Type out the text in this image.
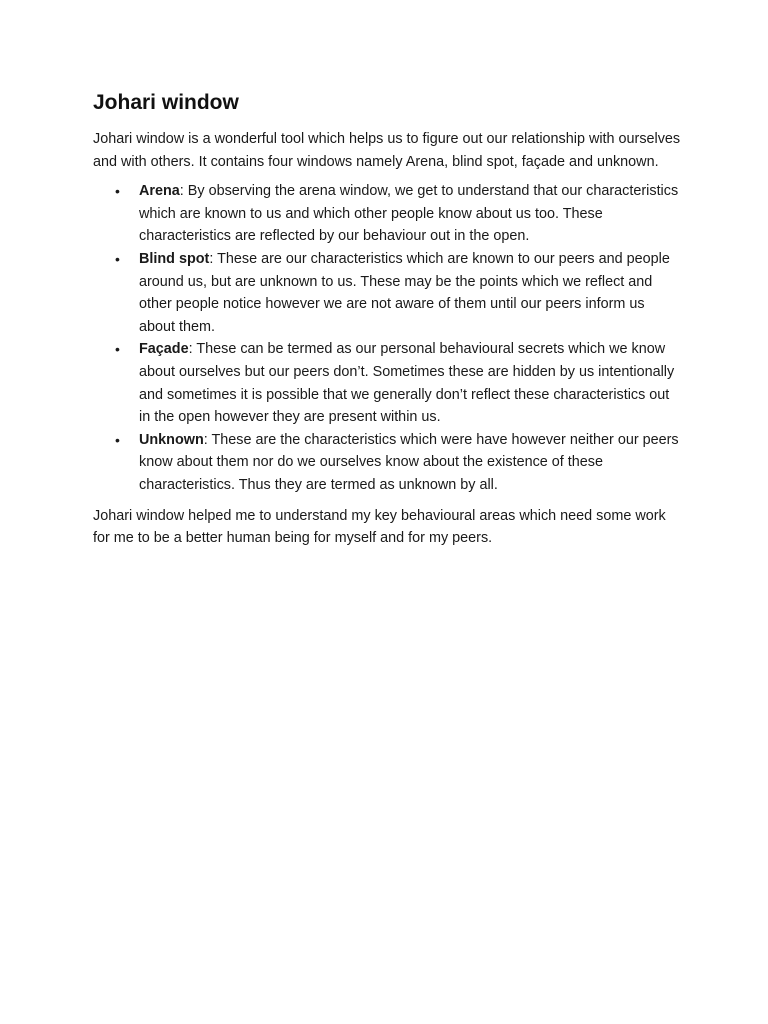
Johari window

Johari window is a wonderful tool which helps us to figure out our relationship with ourselves and with others. It contains four windows namely Arena, blind spot, façade and unknown.

• Arena: By observing the arena window, we get to understand that our characteristics which are known to us and which other people know about us too. These characteristics are reflected by our behaviour out in the open.
• Blind spot: These are our characteristics which are known to our peers and people around us, but are unknown to us. These may be the points which we reflect and other people notice however we are not aware of them until our peers inform us about them.
• Façade: These can be termed as our personal behavioural secrets which we know about ourselves but our peers don’t. Sometimes these are hidden by us intentionally and sometimes it is possible that we generally don’t reflect these characteristics out in the open however they are present within us.
• Unknown: These are the characteristics which were have however neither our peers know about them nor do we ourselves know about the existence of these characteristics. Thus they are termed as unknown by all.

Johari window helped me to understand my key behavioural areas which need some work for me to be a better human being for myself and for my peers.
